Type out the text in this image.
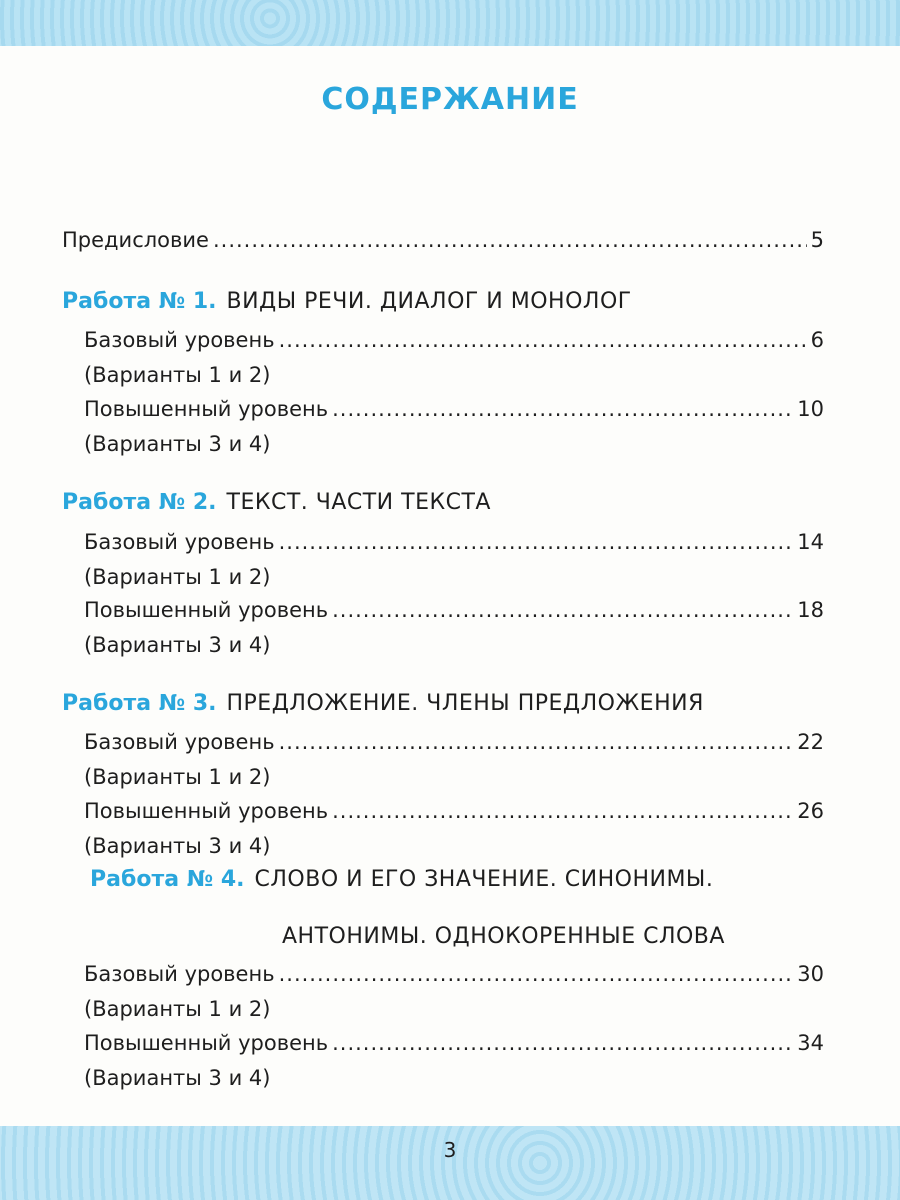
СОДЕРЖАНИЕ
Предисловие .....	5
Работа № 1. ВИДЫ РЕЧИ. ДИАЛОГ И МОНОЛОГ
Базовый уровень .....	6
(Варианты 1 и 2)
Повышенный уровень .....	10
(Варианты 3 и 4)
Работа № 2. ТЕКСТ. ЧАСТИ ТЕКСТА
Базовый уровень .....	14
(Варианты 1 и 2)
Повышенный уровень .....	18
(Варианты 3 и 4)
Работа № 3. ПРЕДЛОЖЕНИЕ. ЧЛЕНЫ ПРЕДЛОЖЕНИЯ
Базовый уровень .....	22
(Варианты 1 и 2)
Повышенный уровень .....	26
(Варианты 3 и 4)
Работа № 4. СЛОВО И ЕГО ЗНАЧЕНИЕ. СИНОНИМЫ.
АНТОНИМЫ. ОДНОКОРЕННЫЕ СЛОВА
Базовый уровень .....	30
(Варианты 1 и 2)
Повышенный уровень .....	34
(Варианты 3 и 4)
3
